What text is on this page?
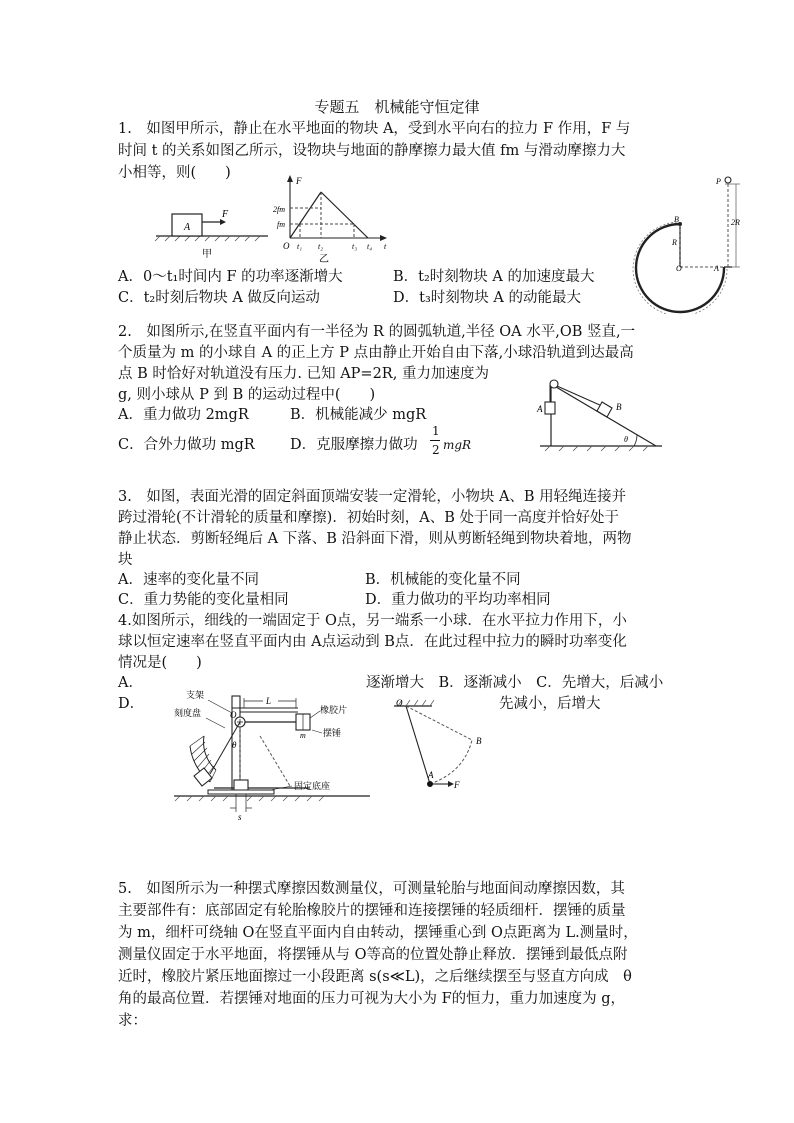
专题五　机械能守恒定律
1.　如图甲所示，静止在水平地面的物块 A，受到水平向右的拉力 F 作用，F 与
时间 t 的关系如图乙所示，设物块与地面的静摩擦力最大值 fm 与滑动摩擦力大
小相等，则(　　)
A
F
甲
F
2fm
fm
O t₁ t₂	t₃ t₄ t
乙
P
2R
R
B
O	A
A．0～t₁时间内 F 的功率逐渐增大	B．t₂时刻物块 A 的加速度最大
C．t₂时刻后物块 A 做反向运动	D．t₃时刻物块 A 的动能最大
2.　如图所示,在竖直平面内有一半径为 R 的圆弧轨道,半径 OA 水平,OB 竖直,一
个质量为 m 的小球自 A 的正上方 P 点由静止开始自由下落,小球沿轨道到达最高
点 B 时恰好对轨道没有压力. 已知 AP=2R, 重力加速度为
g, 则小球从 P 到 B 的运动过程中(　　)
A．重力做功 2mgR	B．机械能减少 mgR
C．合外力做功 mgR D．克服摩擦力做功
1
2 mgR
A	B
θ
3.　如图，表面光滑的固定斜面顶端安装一定滑轮，小物块 A、B 用轻绳连接并
跨过滑轮(不计滑轮的质量和摩擦)．初始时刻，A、B 处于同一高度并恰好处于
静止状态．剪断轻绳后 A 下落、B 沿斜面下滑，则从剪断轻绳到物块着地，两物
块
A．速率的变化量不同	B．机械能的变化量不同
C．重力势能的变化量相同	D．重力做功的平均功率相同
4.如图所示，细线的一端固定于 O点，另一端系一小球．在水平拉力作用下，小
球以恒定速率在竖直平面内由 A点运动到 B点．在此过程中拉力的瞬时功率变化
情况是(　　)
A．	逐渐增大　B．逐渐减小　C．先增大，后减小
D．	先减小，后增大
支架
刻度盘	O
L
m
橡胶片
摆锤
θ
固定底座
s
O
B
A
F
5.　如图所示为一种摆式摩擦因数测量仪，可测量轮胎与地面间动摩擦因数，其
主要部件有：底部固定有轮胎橡胶片的摆锤和连接摆锤的轻质细杆．摆锤的质量
为 m，细杆可绕轴 O在竖直平面内自由转动，摆锤重心到 O点距离为 L.测量时，
测量仪固定于水平地面，将摆锤从与 O等高的位置处静止释放．摆锤到最低点附
近时，橡胶片紧压地面擦过一小段距离 s(s≪L)，之后继续摆至与竖直方向成　θ
角的最高位置．若摆锤对地面的压力可视为大小为 F的恒力，重力加速度为 g，
求：
